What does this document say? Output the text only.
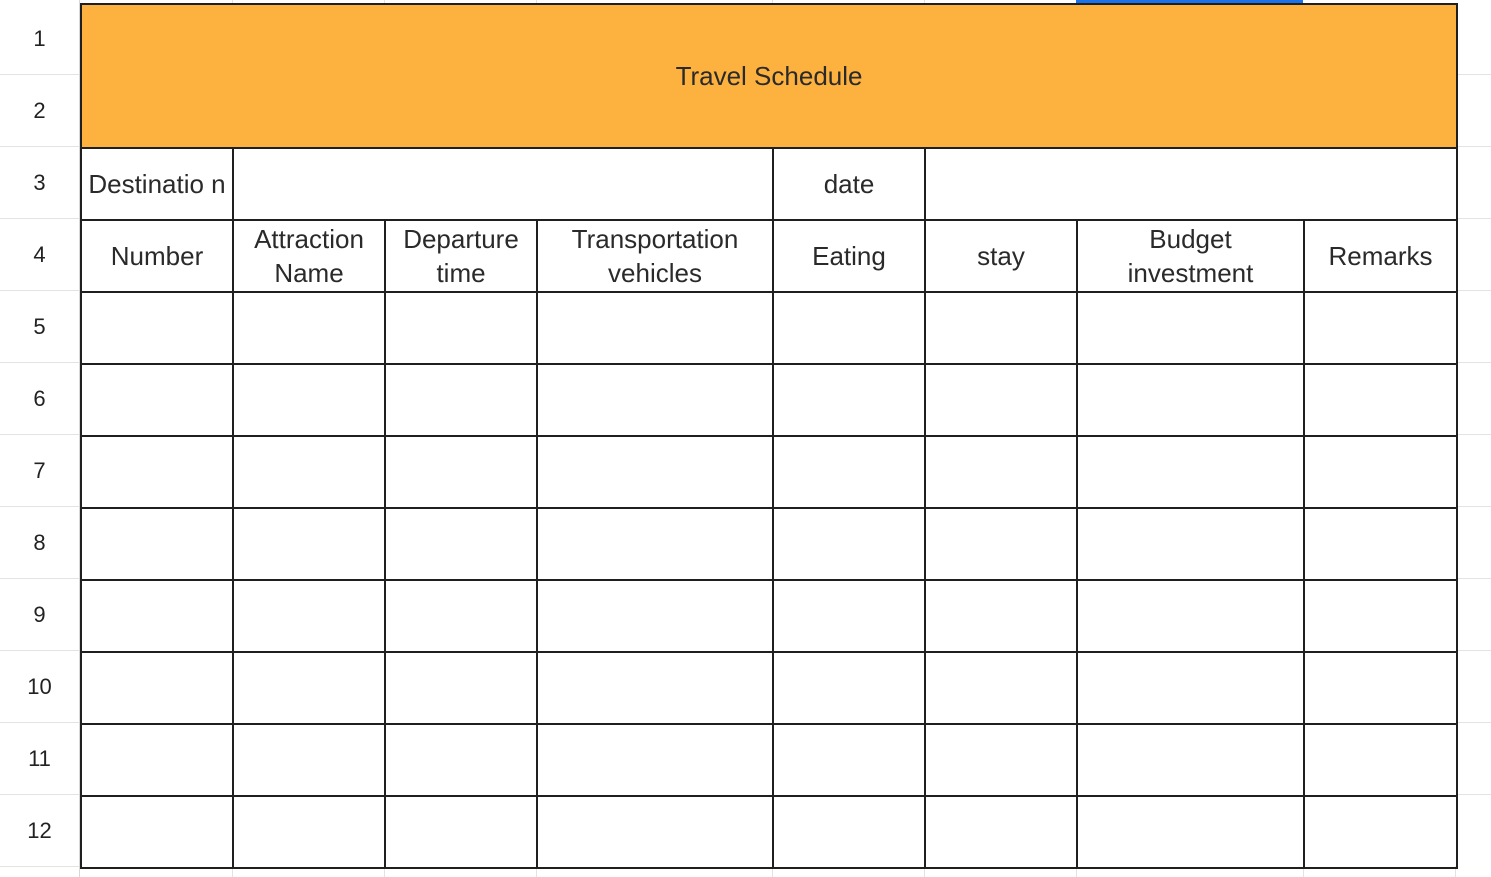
1
2
3
4
5
6
7
8
9
10
11
12
Travel Schedule							

Destinatio n				date			

Number	Attraction Name	Departure time	Transportation vehicles	Eating	stay	Budget investment	Remarks
